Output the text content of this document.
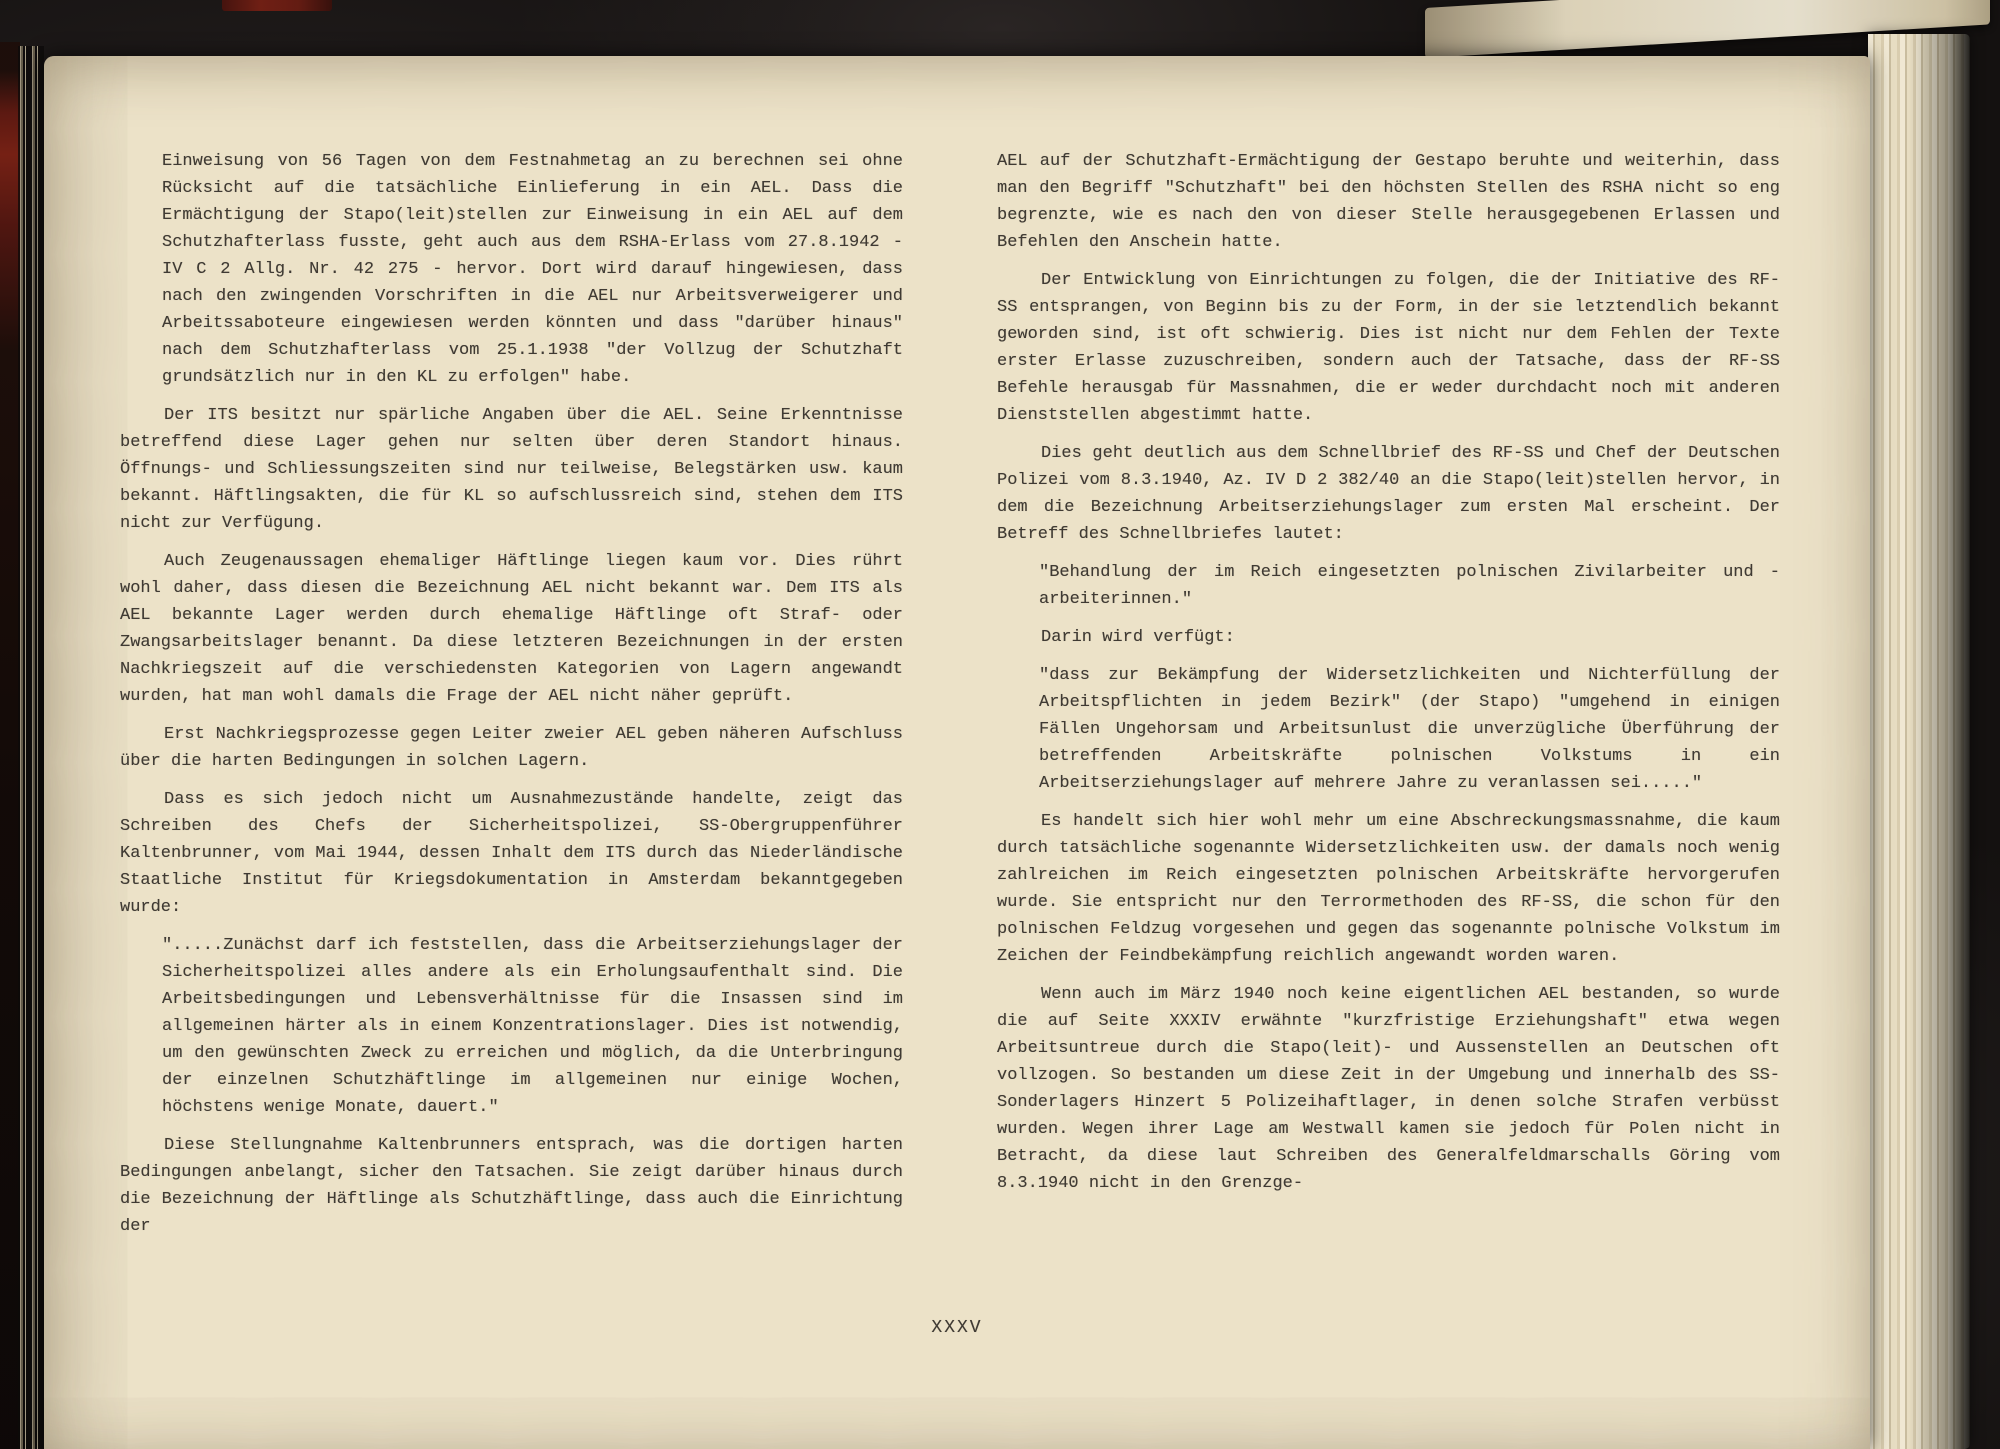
Einweisung von 56 Tagen von dem Festnahmetag an zu berechnen sei ohne Rücksicht auf die tatsächliche Einlieferung in ein AEL. Dass die Ermächtigung der Stapo(leit)stellen zur Einweisung in ein AEL auf dem Schutzhafterlass fusste, geht auch aus dem RSHA-Erlass vom 27.8.1942 - IV C 2 Allg. Nr. 42 275 - hervor. Dort wird darauf hingewiesen, dass nach den zwingenden Vorschriften in die AEL nur Arbeitsverweigerer und Arbeitssaboteure eingewiesen werden könnten und dass "darüber hinaus" nach dem Schutzhafterlass vom 25.1.1938 "der Vollzug der Schutzhaft grundsätzlich nur in den KL zu erfolgen" habe.

Der ITS besitzt nur spärliche Angaben über die AEL. Seine Erkenntnisse betreffend diese Lager gehen nur selten über deren Standort hinaus. Öffnungs- und Schliessungszeiten sind nur teilweise, Belegstärken usw. kaum bekannt. Häftlingsakten, die für KL so aufschlussreich sind, stehen dem ITS nicht zur Verfügung.

Auch Zeugenaussagen ehemaliger Häftlinge liegen kaum vor. Dies rührt wohl daher, dass diesen die Bezeichnung AEL nicht bekannt war. Dem ITS als AEL bekannte Lager werden durch ehemalige Häftlinge oft Straf- oder Zwangsarbeitslager benannt. Da diese letzteren Bezeichnungen in der ersten Nachkriegszeit auf die verschiedensten Kategorien von Lagern angewandt wurden, hat man wohl damals die Frage der AEL nicht näher geprüft.

Erst Nachkriegsprozesse gegen Leiter zweier AEL geben näheren Aufschluss über die harten Bedingungen in solchen Lagern.

Dass es sich jedoch nicht um Ausnahmezustände handelte, zeigt das Schreiben des Chefs der Sicherheitspolizei, SS-Obergruppenführer Kaltenbrunner, vom Mai 1944, dessen Inhalt dem ITS durch das Niederländische Staatliche Institut für Kriegsdokumentation in Amsterdam bekanntgegeben wurde:

".....Zunächst darf ich feststellen, dass die Arbeitserziehungslager der Sicherheitspolizei alles andere als ein Erholungsaufenthalt sind. Die Arbeitsbedingungen und Lebensverhältnisse für die Insassen sind im allgemeinen härter als in einem Konzentrationslager. Dies ist notwendig, um den gewünschten Zweck zu erreichen und möglich, da die Unterbringung der einzelnen Schutzhäftlinge im allgemeinen nur einige Wochen, höchstens wenige Monate, dauert."

Diese Stellungnahme Kaltenbrunners entsprach, was die dortigen harten Bedingungen anbelangt, sicher den Tatsachen. Sie zeigt darüber hinaus durch die Bezeichnung der Häftlinge als Schutzhäftlinge, dass auch die Einrichtung der

AEL auf der Schutzhaft-Ermächtigung der Gestapo beruhte und weiterhin, dass man den Begriff "Schutzhaft" bei den höchsten Stellen des RSHA nicht so eng begrenzte, wie es nach den von dieser Stelle herausgegebenen Erlassen und Befehlen den Anschein hatte.

Der Entwicklung von Einrichtungen zu folgen, die der Initiative des RF-SS entsprangen, von Beginn bis zu der Form, in der sie letztendlich bekannt geworden sind, ist oft schwierig. Dies ist nicht nur dem Fehlen der Texte erster Erlasse zuzuschreiben, sondern auch der Tatsache, dass der RF-SS Befehle herausgab für Massnahmen, die er weder durchdacht noch mit anderen Dienststellen abgestimmt hatte.

Dies geht deutlich aus dem Schnellbrief des RF-SS und Chef der Deutschen Polizei vom 8.3.1940, Az. IV D 2 382/40 an die Stapo(leit)stellen hervor, in dem die Bezeichnung Arbeitserziehungslager zum ersten Mal erscheint. Der Betreff des Schnellbriefes lautet:

"Behandlung der im Reich eingesetzten polnischen Zivilarbeiter und -arbeiterinnen."

Darin wird verfügt:

"dass zur Bekämpfung der Widersetzlichkeiten und Nichterfüllung der Arbeitspflichten in jedem Bezirk" (der Stapo) "umgehend in einigen Fällen Ungehorsam und Arbeitsunlust die unverzügliche Überführung der betreffenden Arbeitskräfte polnischen Volkstums in ein Arbeitserziehungslager auf mehrere Jahre zu veranlassen sei....."

Es handelt sich hier wohl mehr um eine Abschreckungsmassnahme, die kaum durch tatsächliche sogenannte Widersetzlichkeiten usw. der damals noch wenig zahlreichen im Reich eingesetzten polnischen Arbeitskräfte hervorgerufen wurde. Sie entspricht nur den Terrormethoden des RF-SS, die schon für den polnischen Feldzug vorgesehen und gegen das sogenannte polnische Volkstum im Zeichen der Feindbekämpfung reichlich angewandt worden waren.

Wenn auch im März 1940 noch keine eigentlichen AEL bestanden, so wurde die auf Seite XXXIV erwähnte "kurzfristige Erziehungshaft" etwa wegen Arbeitsuntreue durch die Stapo(leit)- und Aussenstellen an Deutschen oft vollzogen. So bestanden um diese Zeit in der Umgebung und innerhalb des SS-Sonderlagers Hinzert 5 Polizeihaftlager, in denen solche Strafen verbüsst wurden. Wegen ihrer Lage am Westwall kamen sie jedoch für Polen nicht in Betracht, da diese laut Schreiben des Generalfeldmarschalls Göring vom 8.3.1940 nicht in den Grenzge-

XXXV
